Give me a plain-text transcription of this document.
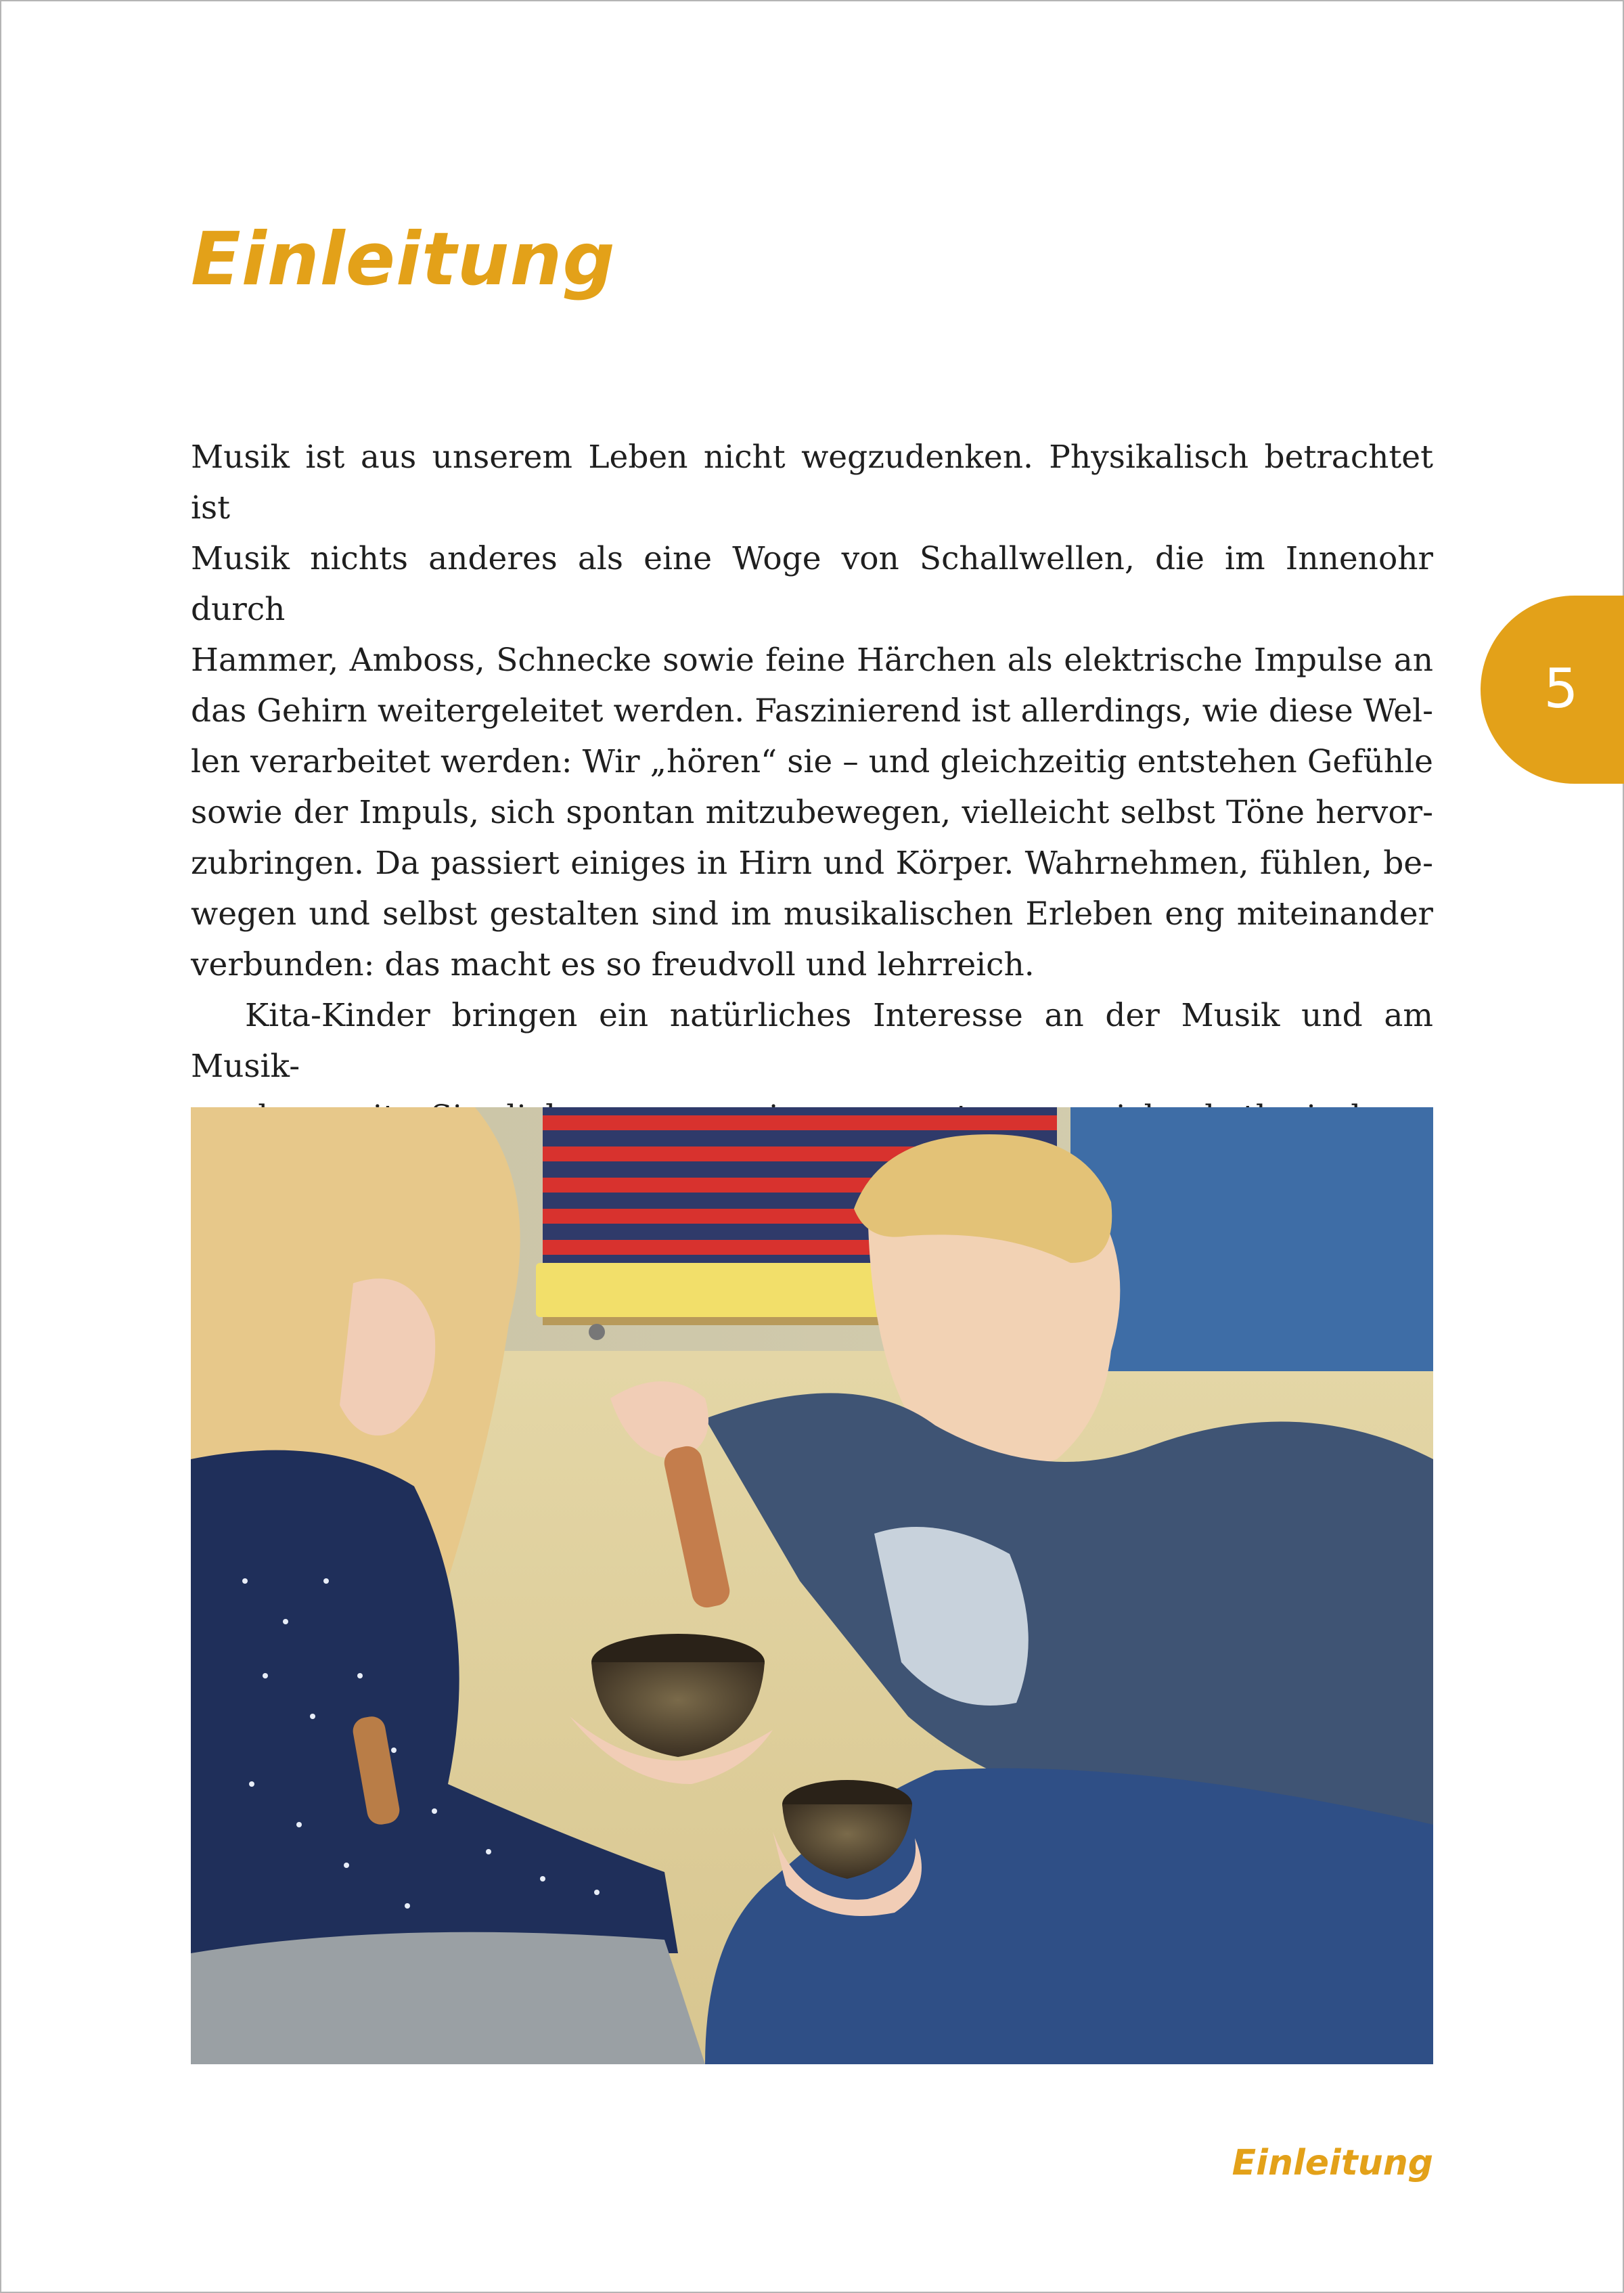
Einleitung
5

Musik ist aus unserem Leben nicht wegzudenken. Physikalisch betrachtet ist

Musik nichts anderes als eine Woge von Schallwellen, die im Innenohr durch

Hammer, Amboss, Schnecke sowie feine Härchen als elektrische Impulse an

das Gehirn weitergeleitet werden. Faszinierend ist allerdings, wie diese Wel-

len verarbeitet werden: Wir „hören“ sie – und gleichzeitig entstehen Gefühle

sowie der Impuls, sich spontan mitzubewegen, vielleicht selbst Töne hervor-

zubringen. Da passiert einiges in Hirn und Körper. Wahrnehmen, fühlen, be-

wegen und selbst gestalten sind im musikalischen Erleben eng miteinander

verbunden: das macht es so freudvoll und lehrreich.

Kita-Kinder bringen ein natürliches Interesse an der Musik und am Musik-

Einleitung
